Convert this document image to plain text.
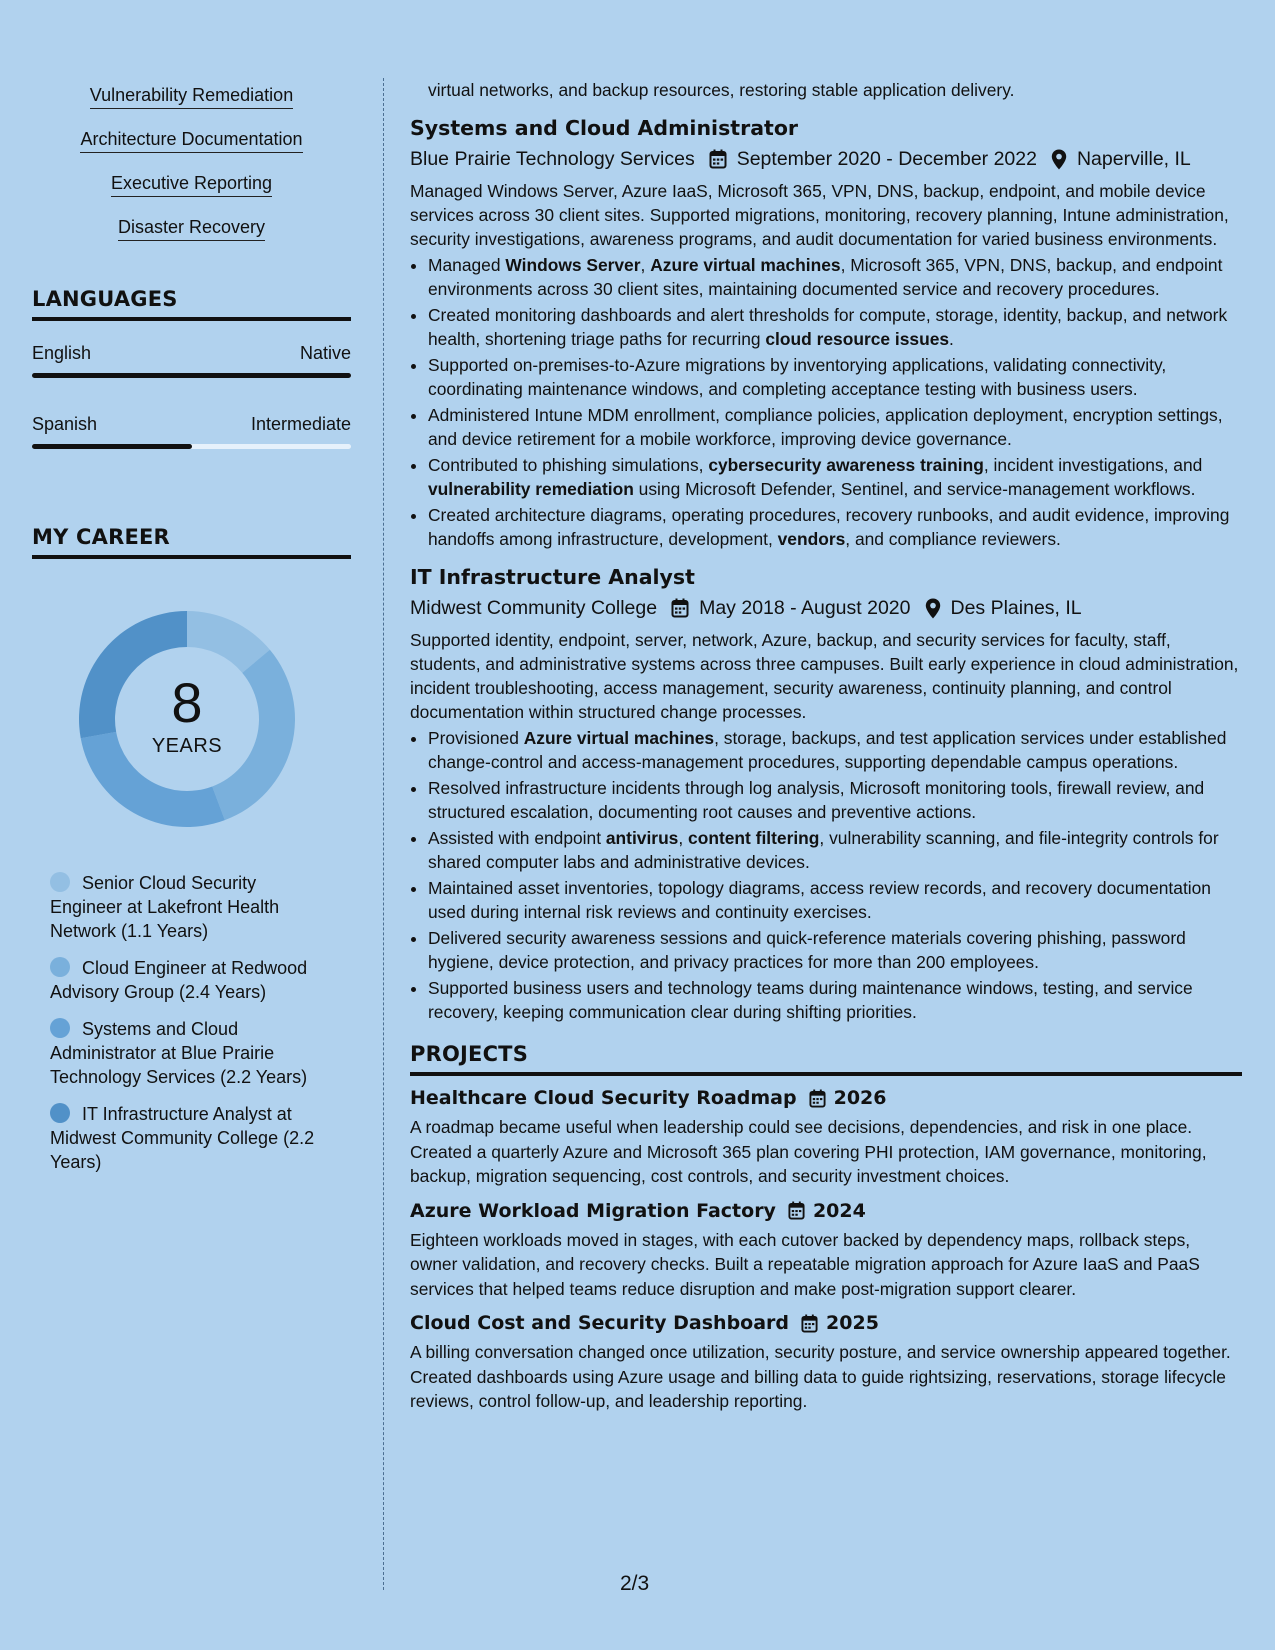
Vulnerability Remediation
Architecture Documentation
Executive Reporting
Disaster Recovery
LANGUAGES
English	Native
Spanish	Intermediate
MY CAREER
8
YEARS
Senior Cloud Security Engineer at Lakefront Health Network (1.1 Years)
Cloud Engineer at Redwood Advisory Group (2.4 Years)
Systems and Cloud Administrator at Blue Prairie Technology Services (2.2 Years)
IT Infrastructure Analyst at Midwest Community College (2.2 Years)
virtual networks, and backup resources, restoring stable application delivery.
Systems and Cloud Administrator
Blue Prairie Technology Services September 2020 - December 2022 Naperville, IL

Managed Windows Server, Azure IaaS, Microsoft 365, VPN, DNS, backup, endpoint, and mobile device services across 30 client sites. Supported migrations, monitoring, recovery planning, Intune administration, security investigations, awareness programs, and audit documentation for varied business environments.

• Managed Windows Server, Azure virtual machines, Microsoft 365, VPN, DNS, backup, and endpoint environments across 30 client sites, maintaining documented service and recovery procedures.
• Created monitoring dashboards and alert thresholds for compute, storage, identity, backup, and network health, shortening triage paths for recurring cloud resource issues.
• Supported on-premises-to-Azure migrations by inventorying applications, validating connectivity, coordinating maintenance windows, and completing acceptance testing with business users.
• Administered Intune MDM enrollment, compliance policies, application deployment, encryption settings, and device retirement for a mobile workforce, improving device governance.
• Contributed to phishing simulations, cybersecurity awareness training, incident investigations, and vulnerability remediation using Microsoft Defender, Sentinel, and service-management workflows.
• Created architecture diagrams, operating procedures, recovery runbooks, and audit evidence, improving handoffs among infrastructure, development, vendors, and compliance reviewers.
IT Infrastructure Analyst
Midwest Community College May 2018 - August 2020 Des Plaines, IL

Supported identity, endpoint, server, network, Azure, backup, and security services for faculty, staff, students, and administrative systems across three campuses. Built early experience in cloud administration, incident troubleshooting, access management, security awareness, continuity planning, and control documentation within structured change processes.

• Provisioned Azure virtual machines, storage, backups, and test application services under established change-control and access-management procedures, supporting dependable campus operations.
• Resolved infrastructure incidents through log analysis, Microsoft monitoring tools, firewall review, and structured escalation, documenting root causes and preventive actions.
• Assisted with endpoint antivirus, content filtering, vulnerability scanning, and file-integrity controls for shared computer labs and administrative devices.
• Maintained asset inventories, topology diagrams, access review records, and recovery documentation used during internal risk reviews and continuity exercises.
• Delivered security awareness sessions and quick-reference materials covering phishing, password hygiene, device protection, and privacy practices for more than 200 employees.
• Supported business users and technology teams during maintenance windows, testing, and service recovery, keeping communication clear during shifting priorities.
PROJECTS
Healthcare Cloud Security Roadmap 2026

A roadmap became useful when leadership could see decisions, dependencies, and risk in one place. Created a quarterly Azure and Microsoft 365 plan covering PHI protection, IAM governance, monitoring, backup, migration sequencing, cost controls, and security investment choices.

Azure Workload Migration Factory 2024

Eighteen workloads moved in stages, with each cutover backed by dependency maps, rollback steps, owner validation, and recovery checks. Built a repeatable migration approach for Azure IaaS and PaaS services that helped teams reduce disruption and make post-migration support clearer.

Cloud Cost and Security Dashboard 2025

A billing conversation changed once utilization, security posture, and service ownership appeared together. Created dashboards using Azure usage and billing data to guide rightsizing, reservations, storage lifecycle reviews, control follow-up, and leadership reporting.

2/3
